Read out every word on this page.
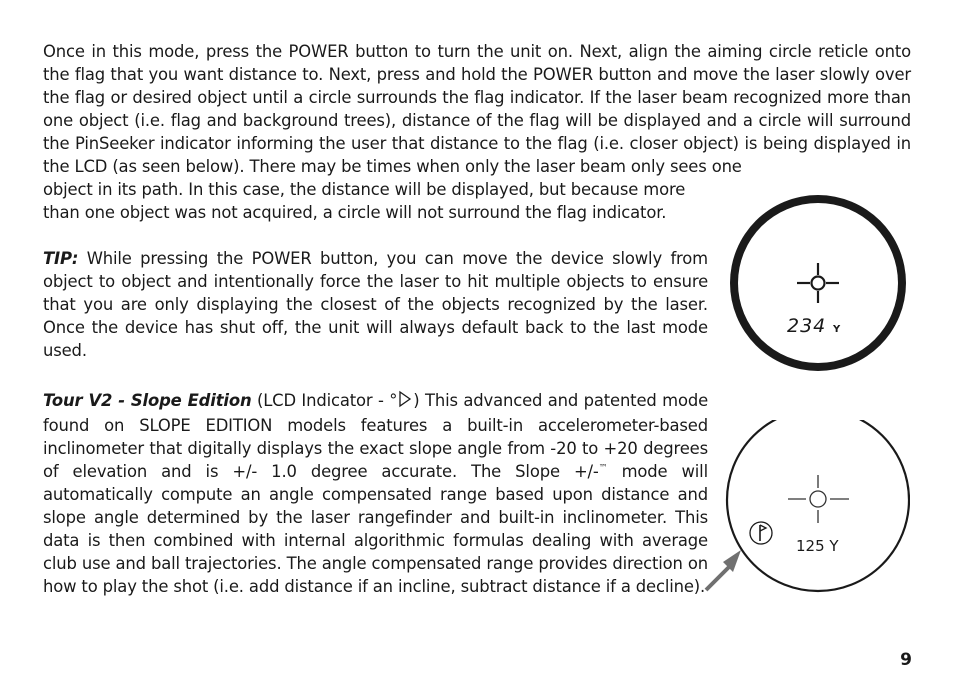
Once in this mode, press the POWER button to turn the unit on. Next, align the aiming circle reticle onto the flag that you want distance to. Next, press and hold the POWER button and move the laser slowly over the flag or desired object until a circle surrounds the flag indicator. If the laser beam recognized more than one object (i.e. flag and background trees), distance of the flag will be displayed and a circle will surround the PinSeeker indicator informing the user that distance to the flag (i.e. closer object) is being displayed in the LCD (as seen below). There may be times when only the laser beam only sees one

object in its path. In this case, the distance will be displayed, but because more than one object was not acquired, a circle will not surround the flag indicator.

TIP: While pressing the POWER button, you can move the device slowly from object to object and intentionally force the laser to hit multiple objects to ensure that you are only displaying the closest of the objects recognized by the laser. Once the device has shut off, the unit will always default back to the last mode used.

Tour V2 - Slope Edition (LCD Indicator - ° ) This advanced and patented mode found on SLOPE EDITION models features a built-in accelerometer-based inclinometer that digitally displays the exact slope angle from -20 to +20 degrees of elevation and is +/- 1.0 degree accurate. The Slope +/-™ mode will automatically compute an angle compensated range based upon distance and slope angle determined by the laser rangefinder and built-in inclinometer. This data is then combined with internal algorithmic formulas dealing with average club use and ball trajectories. The angle compensated range provides direction on how to play the shot (i.e. add distance if an incline, subtract distance if a decline).

234 Y
125 Y
9
